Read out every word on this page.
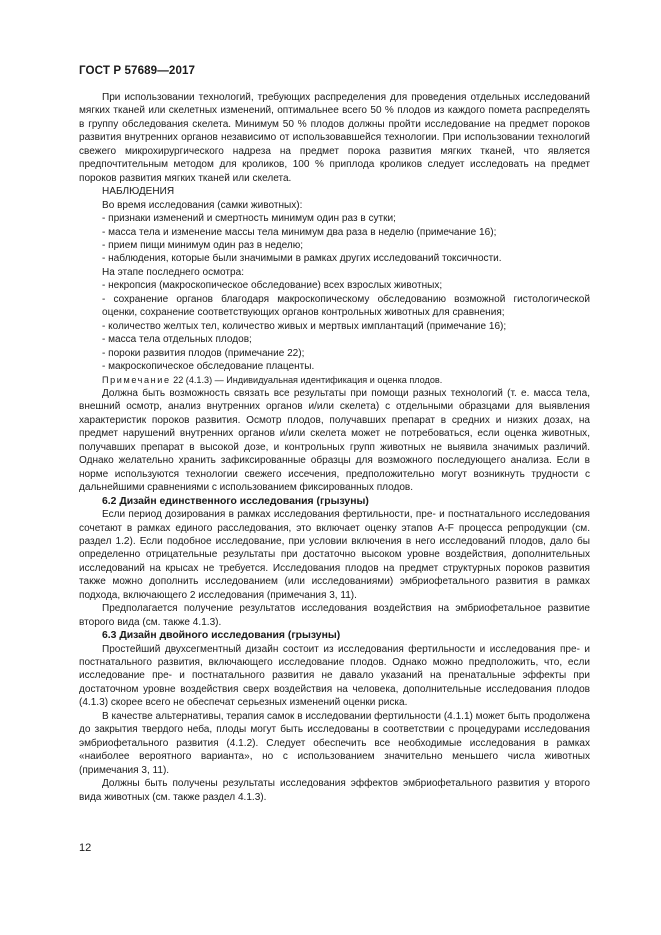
ГОСТ Р 57689—2017

При использовании технологий, требующих распределения для проведения отдельных исследований мягких тканей или скелетных изменений, оптимальнее всего 50 % плодов из каждого помета распределять в группу обследования скелета. Минимум 50 % плодов должны пройти исследование на предмет пороков развития внутренних органов независимо от использовавшейся технологии. При использовании технологий свежего микрохирургического надреза на предмет порока развития мягких тканей, что является предпочтительным методом для кроликов, 100 % приплода кроликов следует исследовать на предмет пороков развития мягких тканей или скелета.

НАБЛЮДЕНИЯ

Во время исследования (самки животных):

- признаки изменений и смертность минимум один раз в сутки;

- масса тела и изменение массы тела минимум два раза в неделю (примечание 16);

- прием пищи минимум один раз в неделю;

- наблюдения, которые были значимыми в рамках других исследований токсичности.

На этапе последнего осмотра:

- некропсия (макроскопическое обследование) всех взрослых животных;

- сохранение органов благодаря макроскопическому обследованию возможной гистологической оценки, сохранение соответствующих органов контрольных животных для сравнения;

- количество желтых тел, количество живых и мертвых имплантаций (примечание 16);

- масса тела отдельных плодов;

- пороки развития плодов (примечание 22);

- макроскопическое обследование плаценты.

Примечание 22 (4.1.3) — Индивидуальная идентификация и оценка плодов.

Должна быть возможность связать все результаты при помощи разных технологий (т. е. масса тела, внешний осмотр, анализ внутренних органов и/или скелета) с отдельными образцами для выявления характеристик пороков развития. Осмотр плодов, получавших препарат в средних и низких дозах, на предмет нарушений внутренних органов и/или скелета может не потребоваться, если оценка животных, получавших препарат в высокой дозе, и контрольных групп животных не выявила значимых различий. Однако желательно хранить зафиксированные образцы для возможного последующего анализа. Если в норме используются технологии свежего иссечения, предположительно могут возникнуть трудности с дальнейшими сравнениями с использованием фиксированных плодов.

6.2 Дизайн единственного исследования (грызуны)

Если период дозирования в рамках исследования фертильности, пре- и постнатального исследования сочетают в рамках единого расследования, это включает оценку этапов A-F процесса репродукции (см. раздел 1.2). Если подобное исследование, при условии включения в него исследований плодов, дало бы определенно отрицательные результаты при достаточно высоком уровне воздействия, дополнительных исследований на крысах не требуется. Исследования плодов на предмет структурных пороков развития также можно дополнить исследованием (или исследованиями) эмбриофетального развития в рамках подхода, включающего 2 исследования (примечания 3, 11).

Предполагается получение результатов исследования воздействия на эмбриофетальное развитие второго вида (см. также 4.1.3).

6.3 Дизайн двойного исследования (грызуны)

Простейший двухсегментный дизайн состоит из исследования фертильности и исследования пре- и постнатального развития, включающего исследование плодов. Однако можно предположить, что, если исследование пре- и постнатального развития не давало указаний на пренатальные эффекты при достаточном уровне воздействия сверх воздействия на человека, дополнительные исследования плодов (4.1.3) скорее всего не обеспечат серьезных изменений оценки риска.

В качестве альтернативы, терапия самок в исследовании фертильности (4.1.1) может быть продолжена до закрытия твердого неба, плоды могут быть исследованы в соответствии с процедурами исследования эмбриофетального развития (4.1.2). Следует обеспечить все необходимые исследования в рамках «наиболее вероятного варианта», но с использованием значительно меньшего числа животных (примечания 3, 11).

Должны быть получены результаты исследования эффектов эмбриофетального развития у второго вида животных (см. также раздел 4.1.3).

12
